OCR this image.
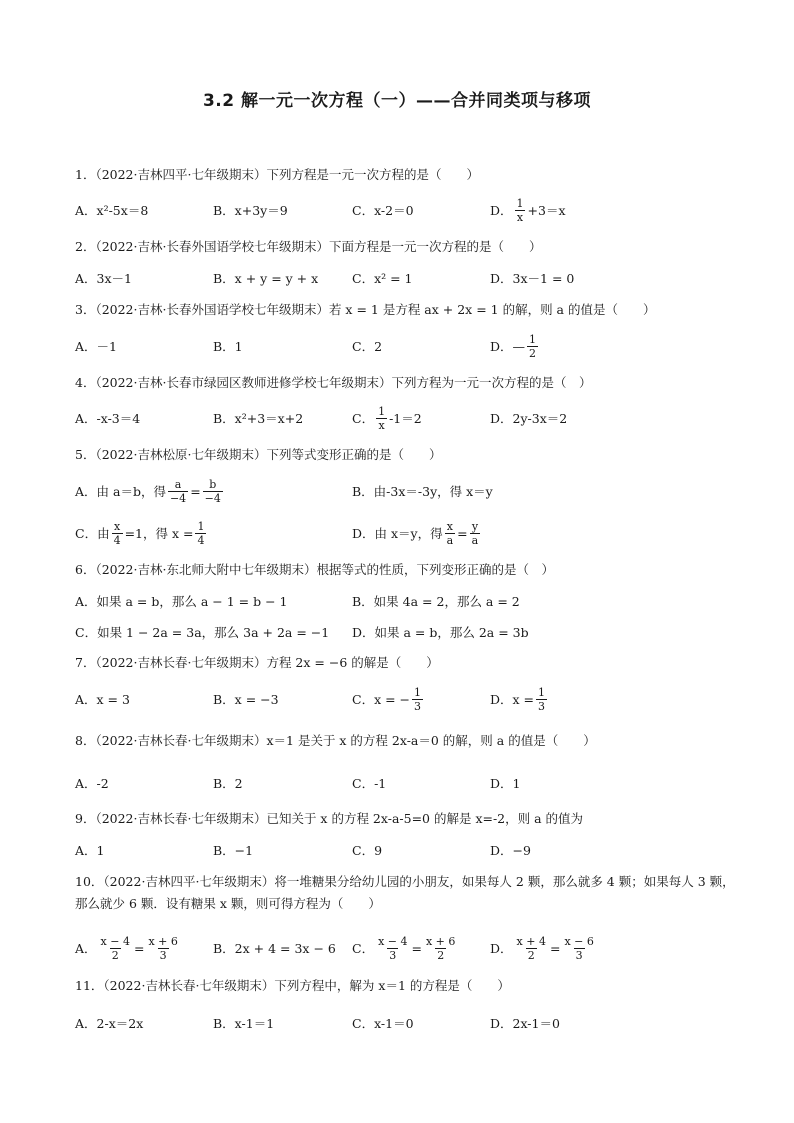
3.2 解一元一次方程（一）——合并同类项与移项
1．（2022·吉林四平·七年级期末）下列方程是一元一次方程的是（　　）
A．x²-5x＝8	B．x+3y＝9	C．x-2＝0	D． $\frac{1}{x} +3=x$
2．（2022·吉林·长春外国语学校七年级期末）下面方程是一元一次方程的是（　　）
A．3x－1	B．x + y = y + x	C．x² = 1	D．3x－1 = 0
3．（2022·吉林·长春外国语学校七年级期末）若 x = 1 是方程 ax + 2x = 1 的解，则 a 的值是（　　）
A．－1	B．1	C．2	D．— $\frac{1}{2}$
4．（2022·吉林·长春市绿园区教师进修学校七年级期末）下列方程为一元一次方程的是（　）
A．-x-3＝4	B．x²+3＝x+2	C． $\frac{1}{x} -1=2$	D．2y-3x＝2
5．（2022·吉林松原·七年级期末）下列等式变形正确的是（　　）
A．由 a＝b，得 $\frac{a}{-4} = \frac{b}{-4}$	B．由-3x＝-3y，得 x＝y
C．由 $\frac{x}{4} =1$，得 $x = \frac{1}{4}$	D．由 x＝y，得 $\frac{x}{a} = \frac{y}{a}$
6．（2022·吉林·东北师大附中七年级期末）根据等式的性质，下列变形正确的是（　）
A．如果 a = b，那么 a − 1 = b − 1	B．如果 4a = 2，那么 a = 2
C．如果 1 − 2a = 3a，那么 3a + 2a = −1 D．如果 a = b，那么 2a = 3b
7．（2022·吉林长春·七年级期末）方程 2x = −6 的解是（　　）
A．x = 3	B．x = −3	C．x = − $\frac{1}{3}$	D．$x = \frac{1}{3}$
8．（2022·吉林长春·七年级期末）x＝1 是关于 x 的方程 2x-a＝0 的解，则 a 的值是（　　）
A．-2	B．2	C．-1	D．1
9．（2022·吉林长春·七年级期末）已知关于 x 的方程 2x-a-5=0 的解是 x=-2，则 a 的值为
A．1	B．−1	C．9	D．−9
10．（2022·吉林四平·七年级期末）将一堆糖果分给幼儿园的小朋友，如果每人 2 颗，那么就多 4 颗；如果每人 3 颗，那么就少 6 颗．设有糖果 x 颗，则可得方程为（　　）
A． $\frac{x - 4}{2} = \frac{x + 6}{3}$	B．2x + 4 = 3x − 6 C． $\frac{x - 4}{3} = \frac{x + 6}{2}$	D． $\frac{x + 4}{2} = \frac{x - 6}{3}$
11．（2022·吉林长春·七年级期末）下列方程中，解为 x＝1 的方程是（　　）
A．2-x＝2x	B．x-1＝1	C．x-1＝0	D．2x-1＝0
